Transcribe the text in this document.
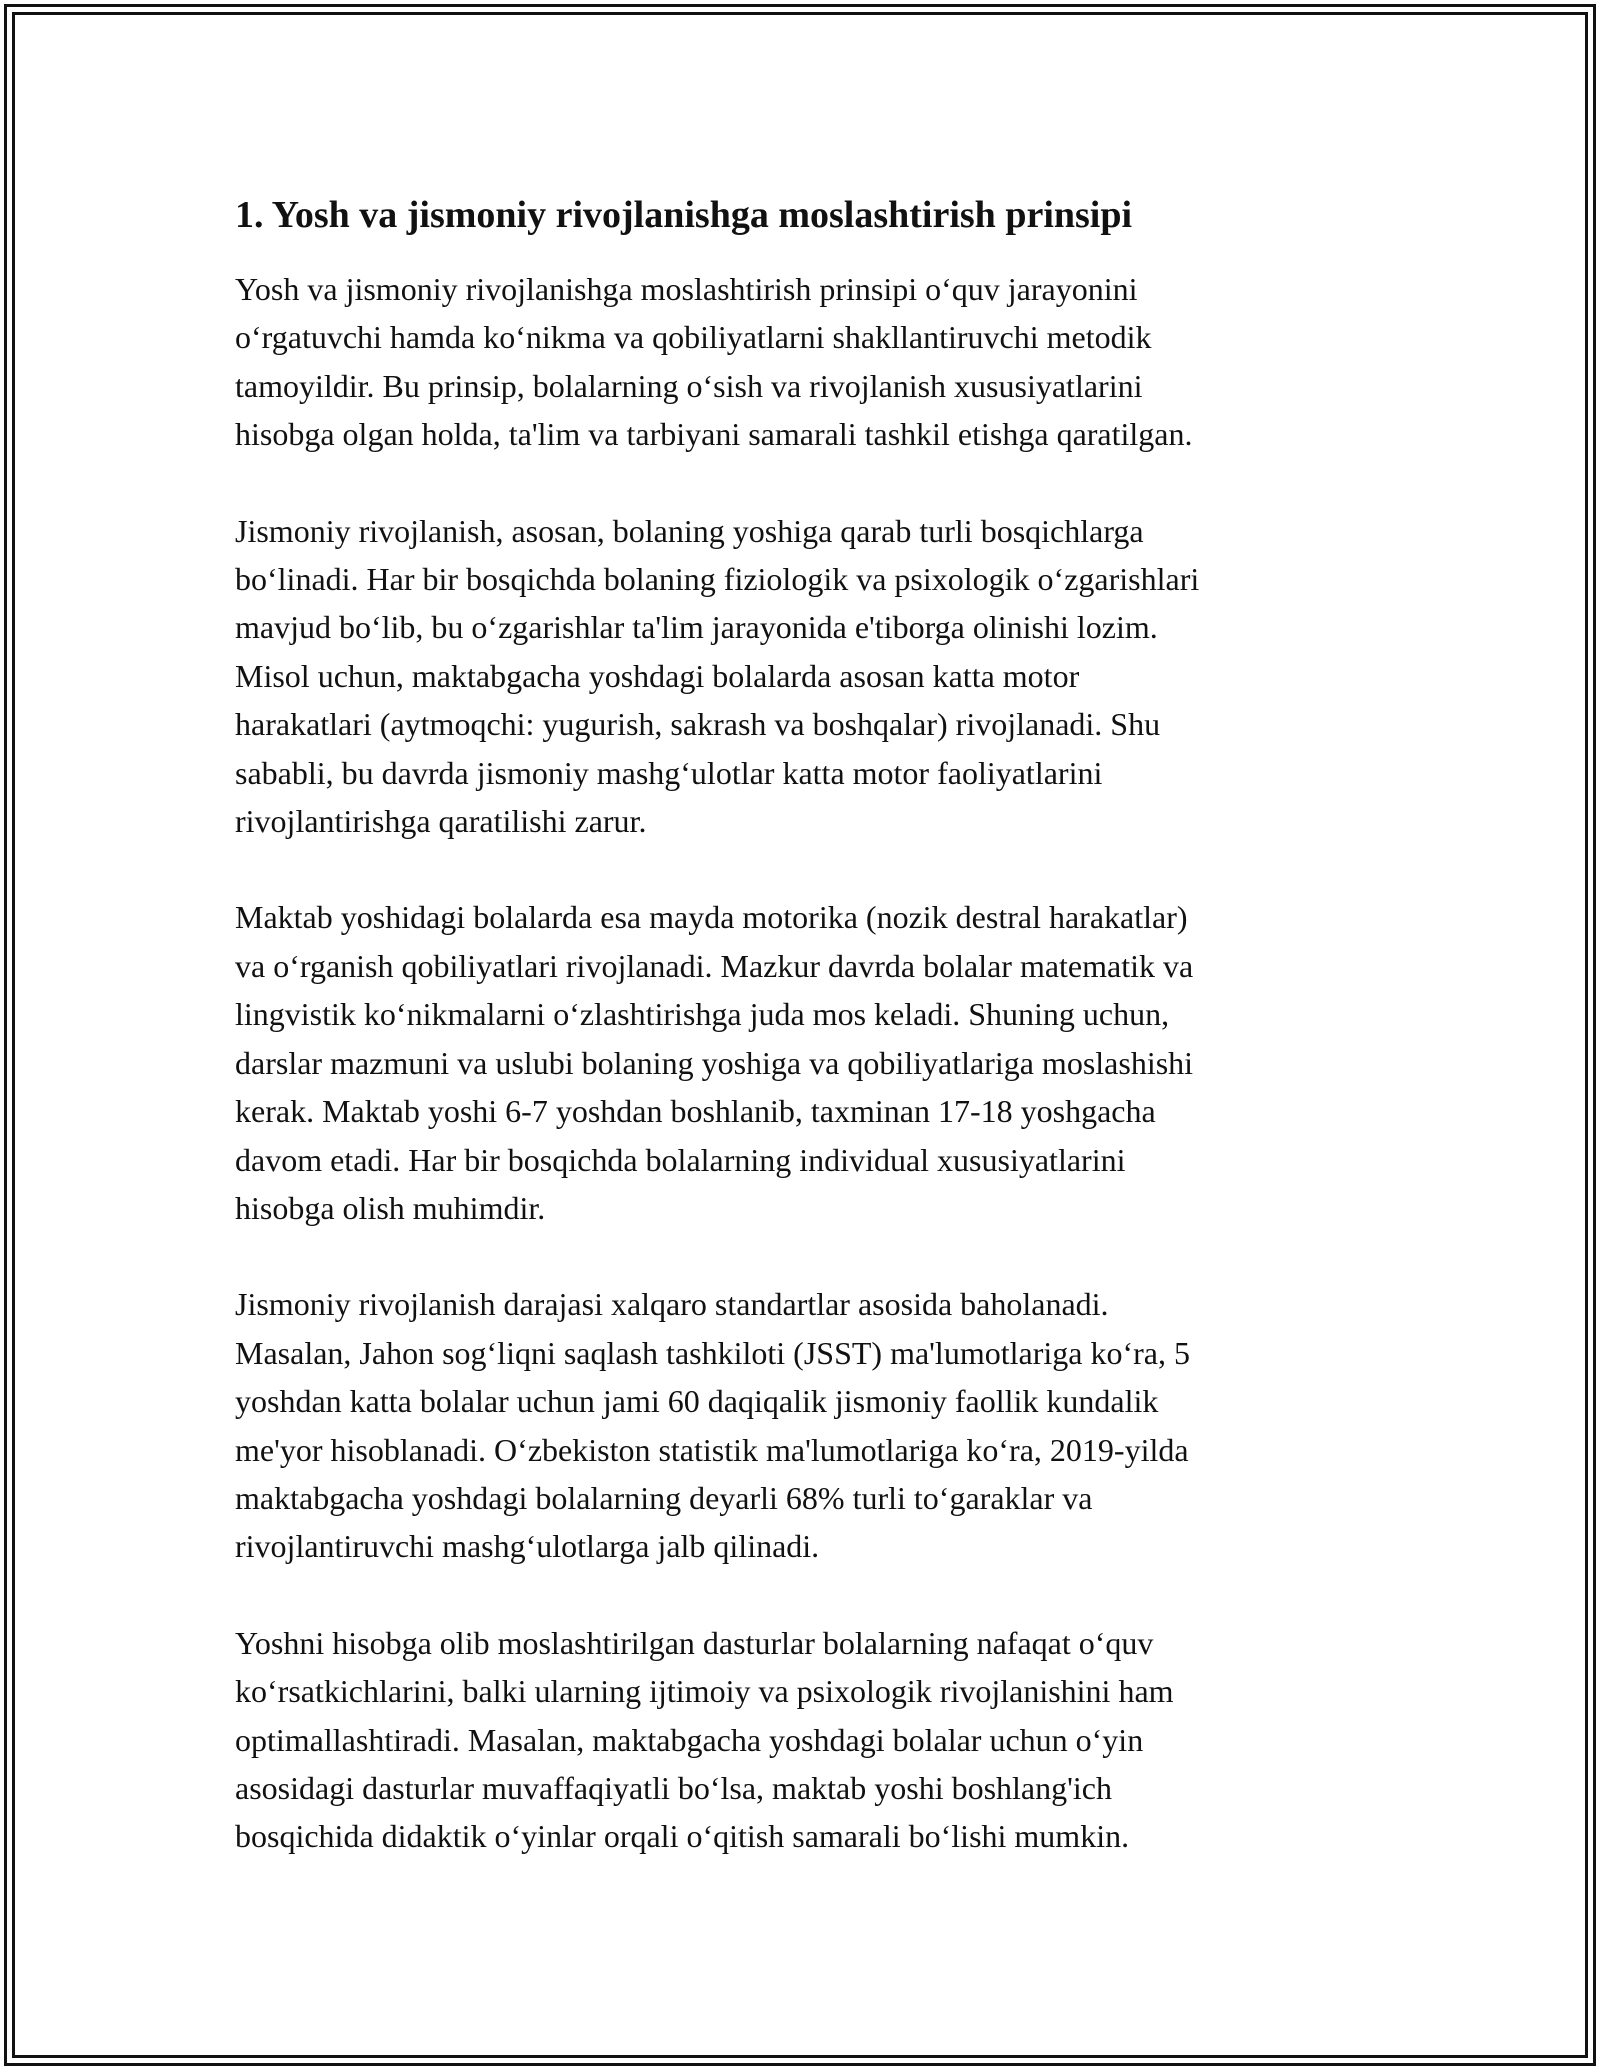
1. Yosh va jismoniy rivojlanishga moslashtirish prinsipi

Yosh va jismoniy rivojlanishga moslashtirish prinsipi o‘quv jarayonini
o‘rgatuvchi hamda ko‘nikma va qobiliyatlarni shakllantiruvchi metodik
tamoyildir. Bu prinsip, bolalarning o‘sish va rivojlanish xususiyatlarini
hisobga olgan holda, ta'lim va tarbiyani samarali tashkil etishga qaratilgan.

Jismoniy rivojlanish, asosan, bolaning yoshiga qarab turli bosqichlarga
bo‘linadi. Har bir bosqichda bolaning fiziologik va psixologik o‘zgarishlari
mavjud bo‘lib, bu o‘zgarishlar ta'lim jarayonida e'tiborga olinishi lozim.
Misol uchun, maktabgacha yoshdagi bolalarda asosan katta motor
harakatlari (aytmoqchi: yugurish, sakrash va boshqalar) rivojlanadi. Shu
sababli, bu davrda jismoniy mashg‘ulotlar katta motor faoliyatlarini
rivojlantirishga qaratilishi zarur.

Maktab yoshidagi bolalarda esa mayda motorika (nozik destral harakatlar)
va o‘rganish qobiliyatlari rivojlanadi. Mazkur davrda bolalar matematik va
lingvistik ko‘nikmalarni o‘zlashtirishga juda mos keladi. Shuning uchun,
darslar mazmuni va uslubi bolaning yoshiga va qobiliyatlariga moslashishi
kerak. Maktab yoshi 6-7 yoshdan boshlanib, taxminan 17-18 yoshgacha
davom etadi. Har bir bosqichda bolalarning individual xususiyatlarini
hisobga olish muhimdir.

Jismoniy rivojlanish darajasi xalqaro standartlar asosida baholanadi.
Masalan, Jahon sog‘liqni saqlash tashkiloti (JSST) ma'lumotlariga ko‘ra, 5
yoshdan katta bolalar uchun jami 60 daqiqalik jismoniy faollik kundalik
me'yor hisoblanadi. O‘zbekiston statistik ma'lumotlariga ko‘ra, 2019-yilda
maktabgacha yoshdagi bolalarning deyarli 68% turli to‘garaklar va
rivojlantiruvchi mashg‘ulotlarga jalb qilinadi.

Yoshni hisobga olib moslashtirilgan dasturlar bolalarning nafaqat o‘quv
ko‘rsatkichlarini, balki ularning ijtimoiy va psixologik rivojlanishini ham
optimallashtiradi. Masalan, maktabgacha yoshdagi bolalar uchun o‘yin
asosidagi dasturlar muvaffaqiyatli bo‘lsa, maktab yoshi boshlang'ich
bosqichida didaktik o‘yinlar orqali o‘qitish samarali bo‘lishi mumkin.
